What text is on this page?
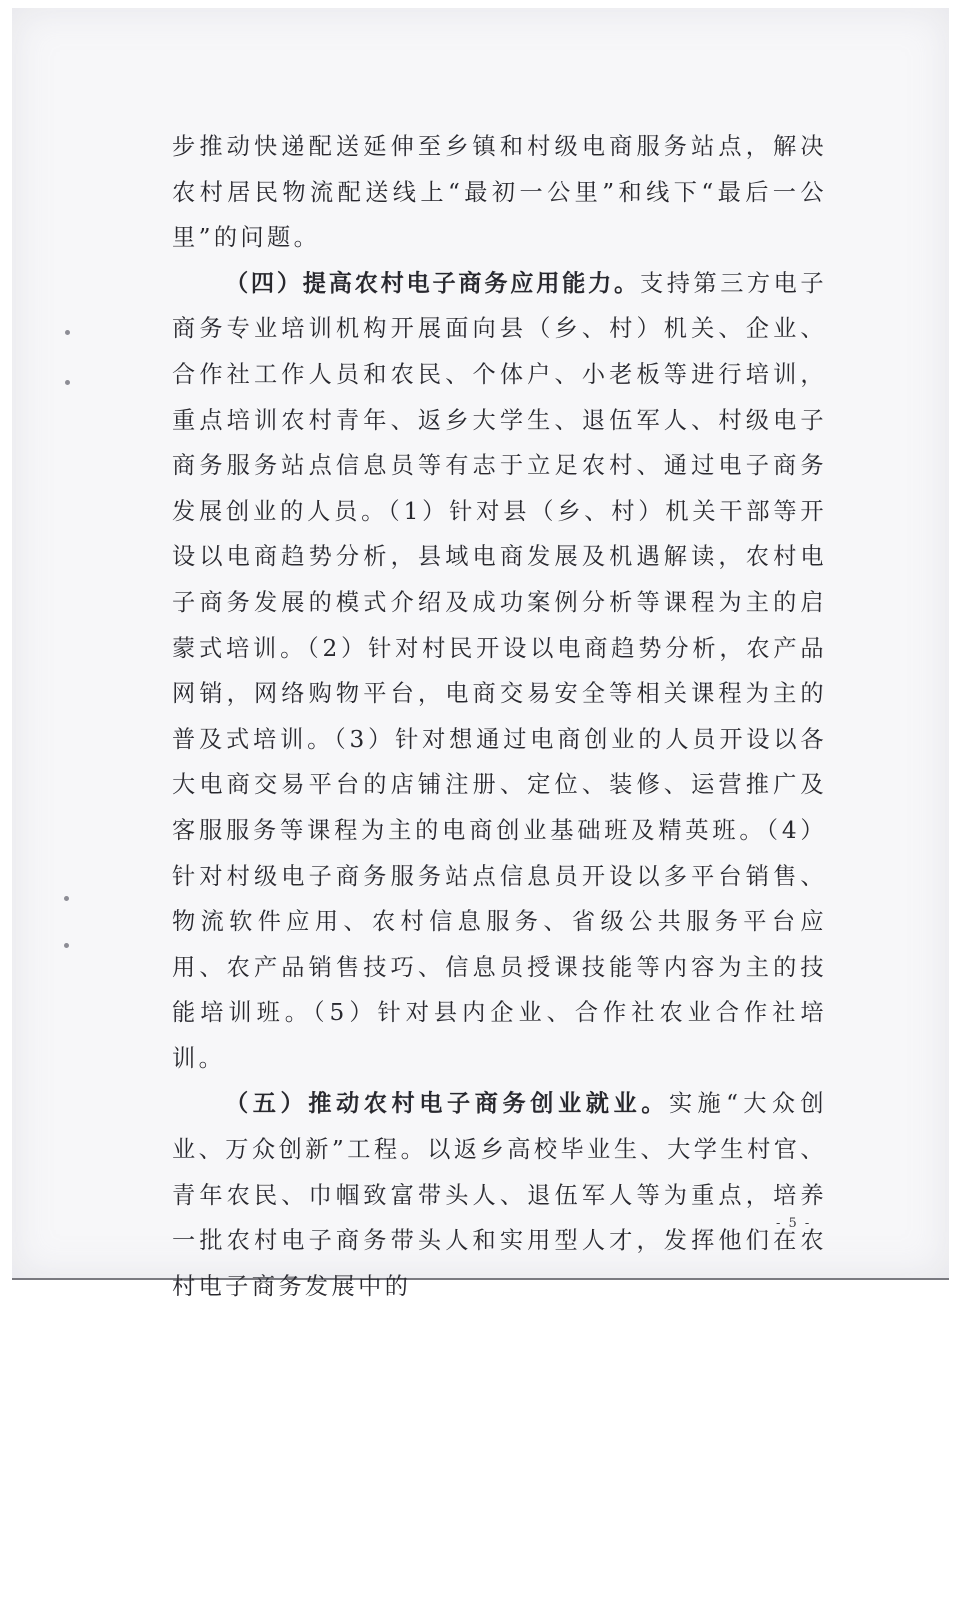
步推动快递配送延伸至乡镇和村级电商服务站点，解决农村居民物流配送线上“最初一公里”和线下“最后一公里”的问题。

（四）提高农村电子商务应用能力。支持第三方电子商务专业培训机构开展面向县（乡、村）机关、企业、合作社工作人员和农民、个体户、小老板等进行培训，重点培训农村青年、返乡大学生、退伍军人、村级电子商务服务站点信息员等有志于立足农村、通过电子商务发展创业的人员。（1）针对县（乡、村）机关干部等开设以电商趋势分析，县域电商发展及机遇解读，农村电子商务发展的模式介绍及成功案例分析等课程为主的启蒙式培训。（2）针对村民开设以电商趋势分析，农产品网销，网络购物平台，电商交易安全等相关课程为主的普及式培训。（3）针对想通过电商创业的人员开设以各大电商交易平台的店铺注册、定位、装修、运营推广及客服服务等课程为主的电商创业基础班及精英班。（4）针对村级电子商务服务站点信息员开设以多平台销售、物流软件应用、农村信息服务、省级公共服务平台应用、农产品销售技巧、信息员授课技能等内容为主的技能培训班。（5）针对县内企业、合作社农业合作社培训。

（五）推动农村电子商务创业就业。实施“大众创业、万众创新”工程。以返乡高校毕业生、大学生村官、青年农民、巾帼致富带头人、退伍军人等为重点，培养一批农村电子商务带头人和实用型人才，发挥他们在农村电子商务发展中的

- 5 -
